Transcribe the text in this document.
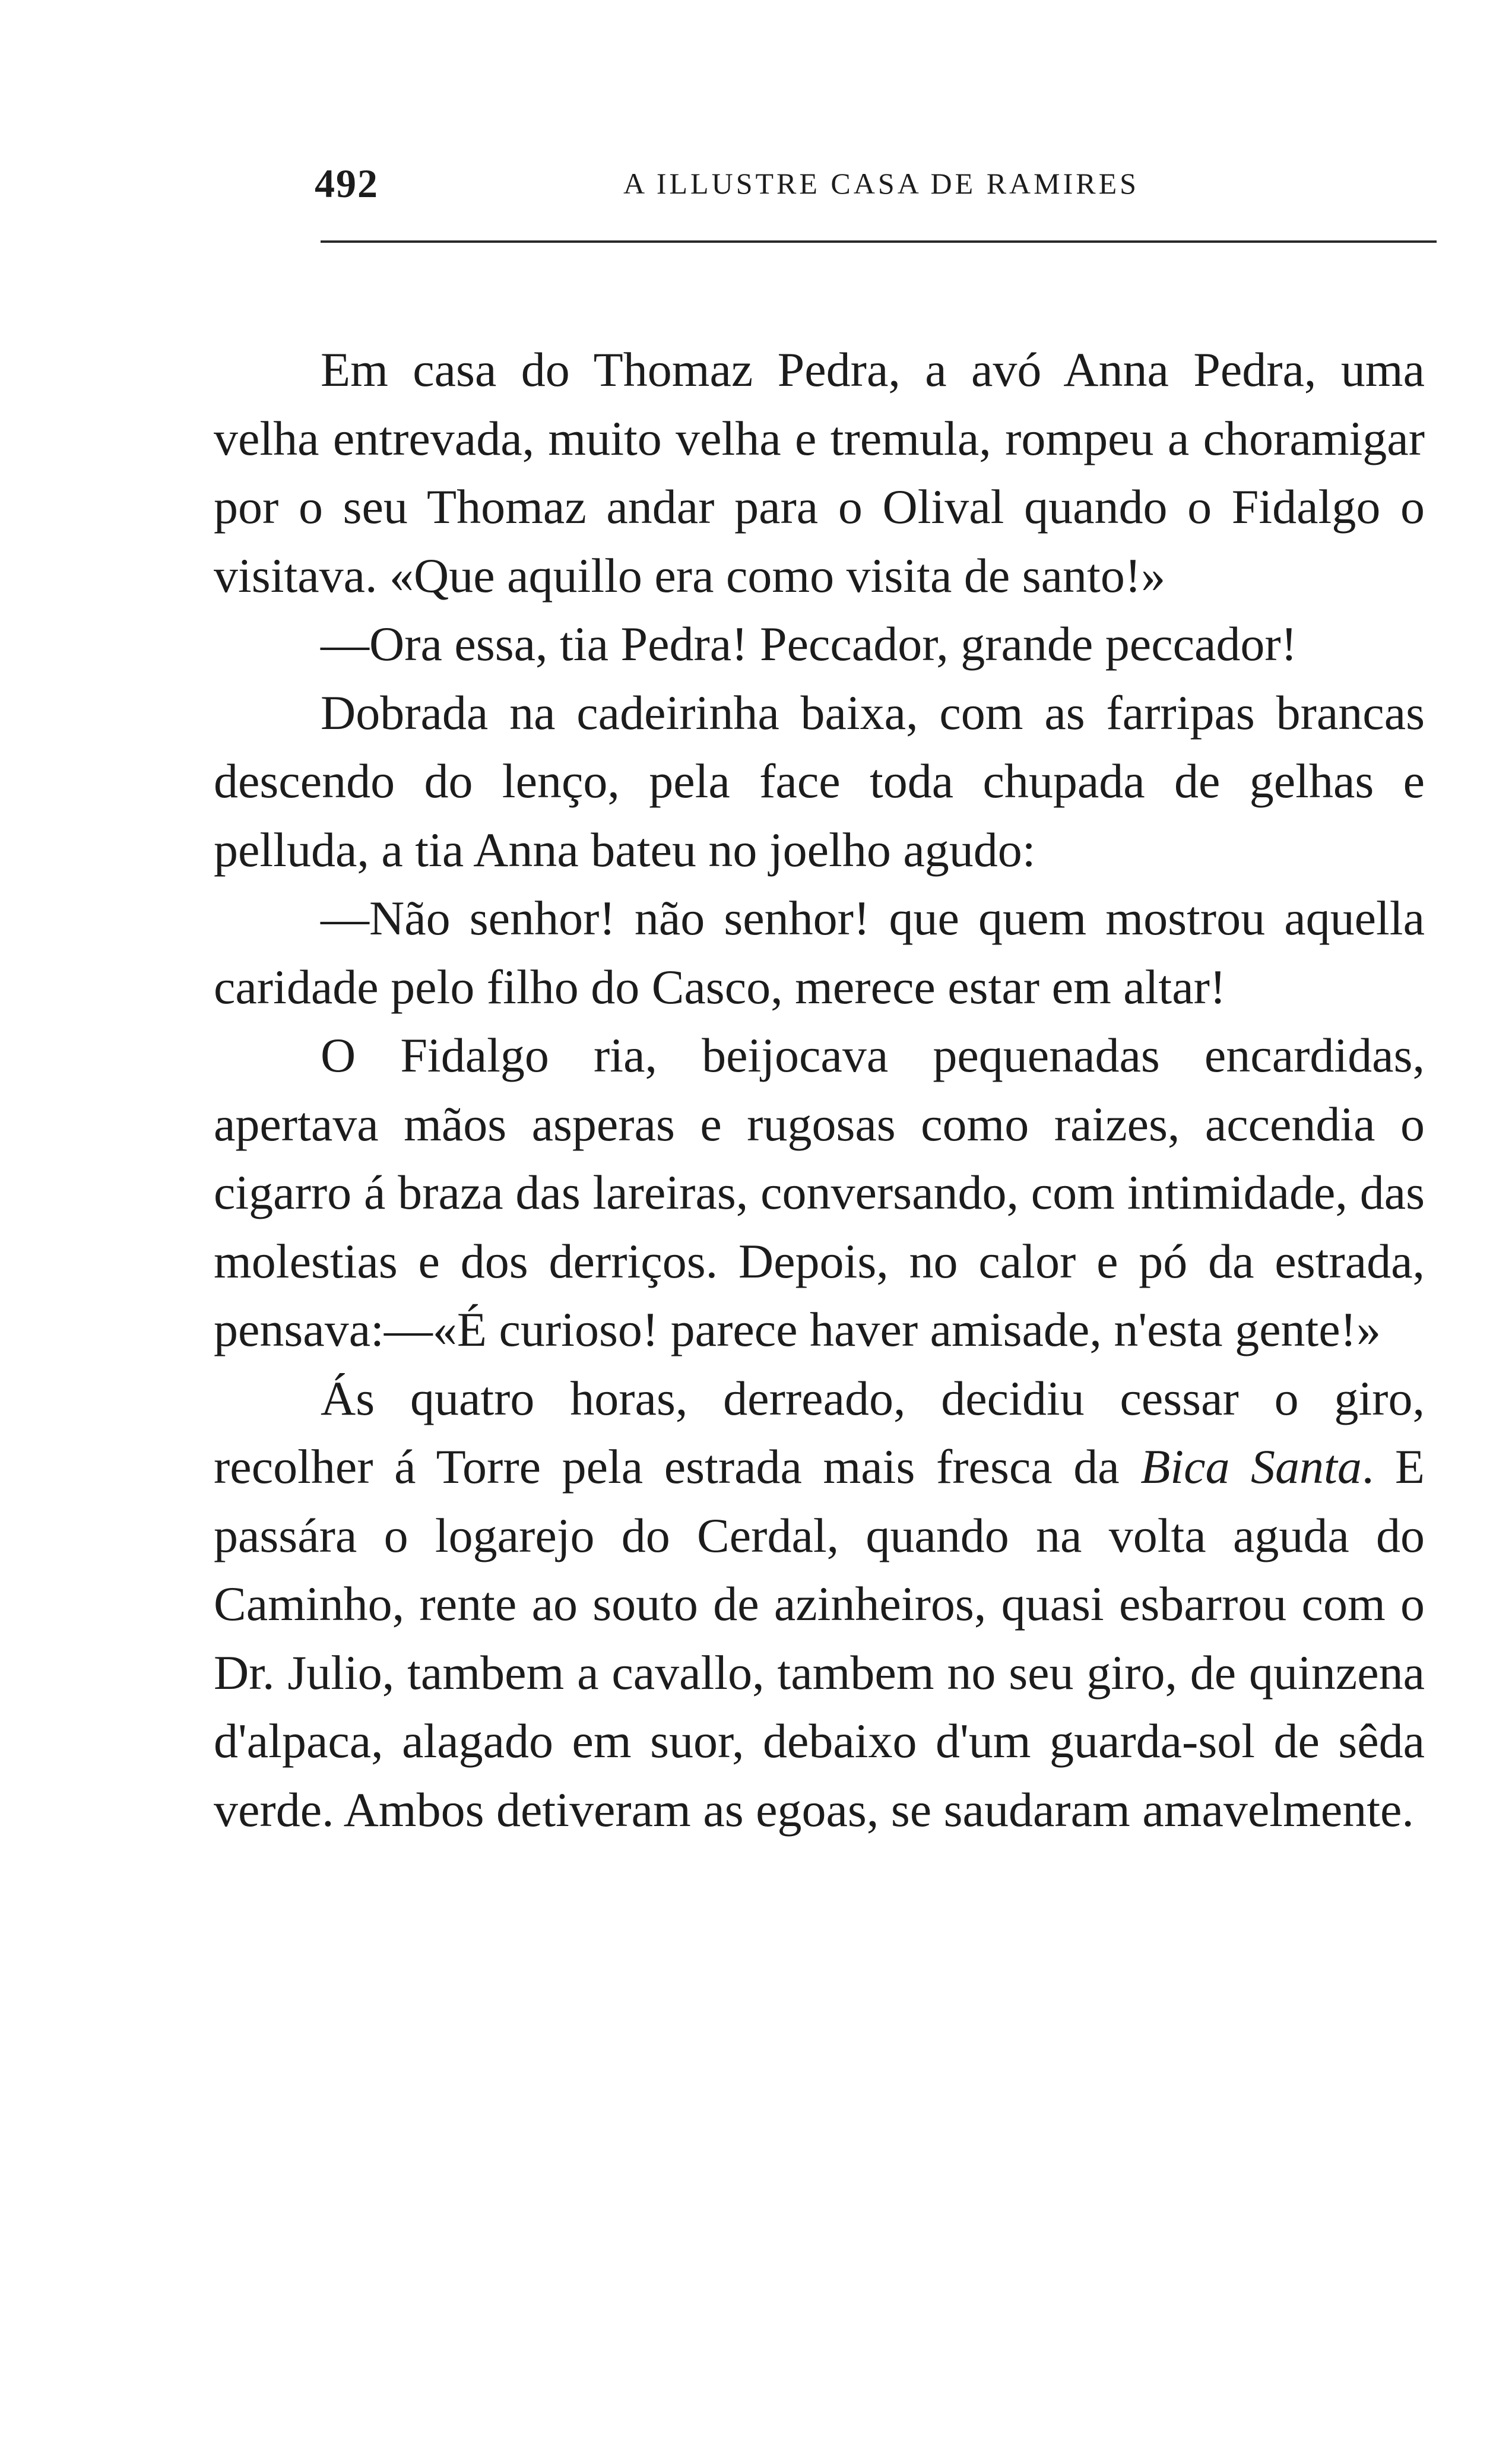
492	A ILLUSTRE CASA DE RAMIRES

Em casa do Thomaz Pedra, a avó Anna Pedra, uma velha entrevada, muito velha e tremula, rompeu a choramigar por o seu Thomaz andar para o Olival quando o Fidalgo o visitava. «Que aquillo era como visita de santo!»

—Ora essa, tia Pedra! Peccador, grande peccador!

Dobrada na cadeirinha baixa, com as farripas brancas descendo do lenço, pela face toda chupada de gelhas e pelluda, a tia Anna bateu no joelho agudo:

—Não senhor! não senhor! que quem mostrou aquella caridade pelo filho do Casco, merece estar em altar!

O Fidalgo ria, beijocava pequenadas encardidas, apertava mãos asperas e rugosas como raizes, accendia o cigarro á braza das lareiras, conversando, com intimidade, das molestias e dos derriços. Depois, no calor e pó da estrada, pensava:—«É curioso! parece haver amisade, n'esta gente!»

Ás quatro horas, derreado, decidiu cessar o giro, recolher á Torre pela estrada mais fresca da Bica Santa. E passára o logarejo do Cerdal, quando na volta aguda do Caminho, rente ao souto de azinheiros, quasi esbarrou com o Dr. Julio, tambem a cavallo, tambem no seu giro, de quinzena d'alpaca, alagado em suor, debaixo d'um guarda-sol de sêda verde. Ambos detiveram as egoas, se saudaram amavelmente.
